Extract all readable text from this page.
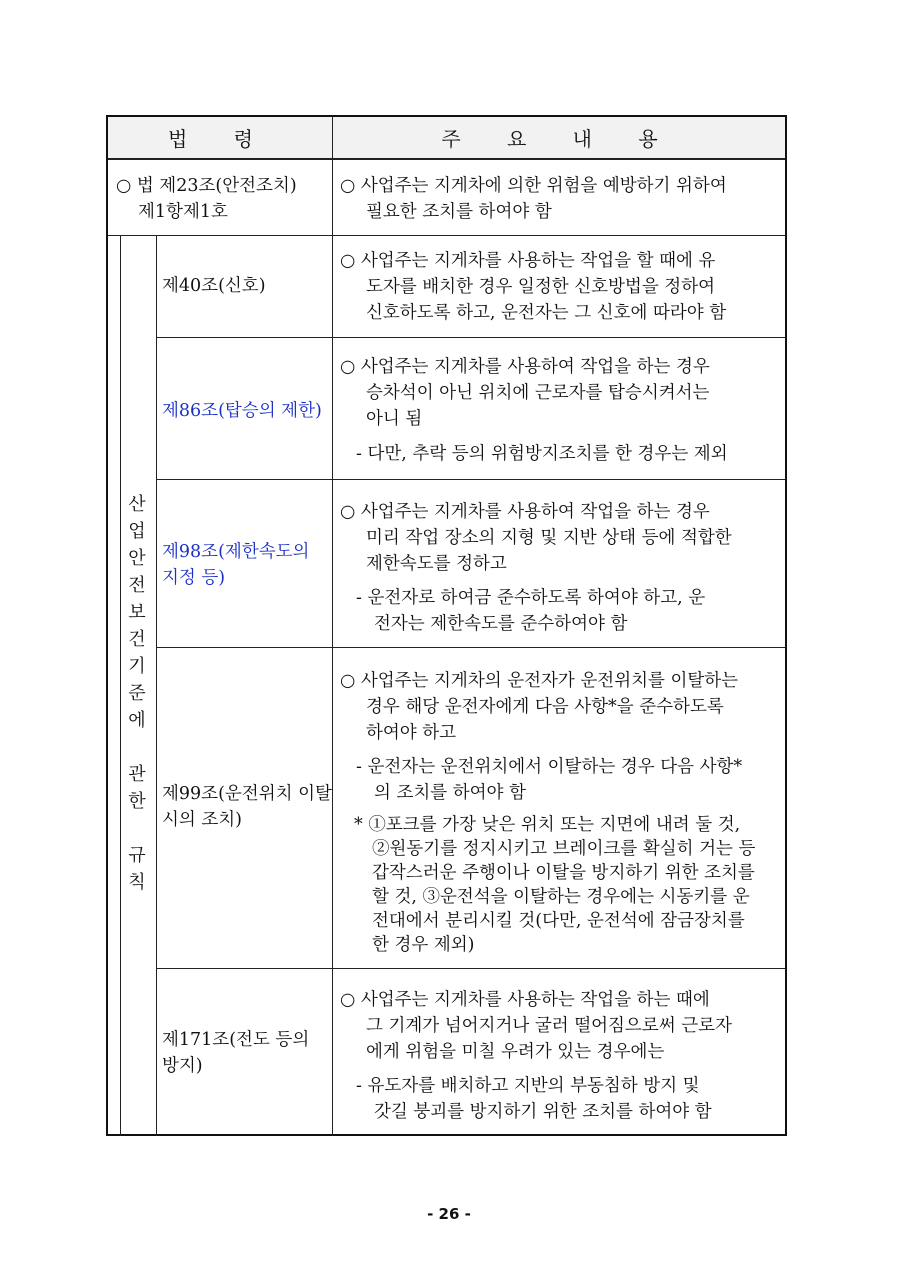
법 령	주 요 내 용
○ 법 제23조(안전조치)
제1항제1호
○ 사업주는 지게차에 의한 위험을 예방하기 위하여
필요한 조치를 하여야 함
산
업
안
전
보
건
기
준
에
관
한
규
칙
제40조(신호)
○ 사업주는 지게차를 사용하는 작업을 할 때에 유
도자를 배치한 경우 일정한 신호방법을 정하여
신호하도록 하고, 운전자는 그 신호에 따라야 함
제86조(탑승의 제한)
○ 사업주는 지게차를 사용하여 작업을 하는 경우
승차석이 아닌 위치에 근로자를 탑승시켜서는
아니 됨
- 다만, 추락 등의 위험방지조치를 한 경우는 제외
제98조(제한속도의
지정 등)
○ 사업주는 지게차를 사용하여 작업을 하는 경우
미리 작업 장소의 지형 및 지반 상태 등에 적합한
제한속도를 정하고
- 운전자로 하여금 준수하도록 하여야 하고, 운
전자는 제한속도를 준수하여야 함
제99조(운전위치 이탈
시의 조치)
○ 사업주는 지게차의 운전자가 운전위치를 이탈하는
경우 해당 운전자에게 다음 사항*을 준수하도록
하여야 하고
- 운전자는 운전위치에서 이탈하는 경우 다음 사항*
의 조치를 하여야 함
* ①포크를 가장 낮은 위치 또는 지면에 내려 둘 것,
②원동기를 정지시키고 브레이크를 확실히 거는 등
갑작스러운 주행이나 이탈을 방지하기 위한 조치를
할 것, ③운전석을 이탈하는 경우에는 시동키를 운
전대에서 분리시킬 것(다만, 운전석에 잠금장치를
한 경우 제외)
제171조(전도 등의
방지)
○ 사업주는 지게차를 사용하는 작업을 하는 때에
그 기계가 넘어지거나 굴러 떨어짐으로써 근로자
에게 위험을 미칠 우려가 있는 경우에는
- 유도자를 배치하고 지반의 부동침하 방지 및
갓길 붕괴를 방지하기 위한 조치를 하여야 함
- 26 -
